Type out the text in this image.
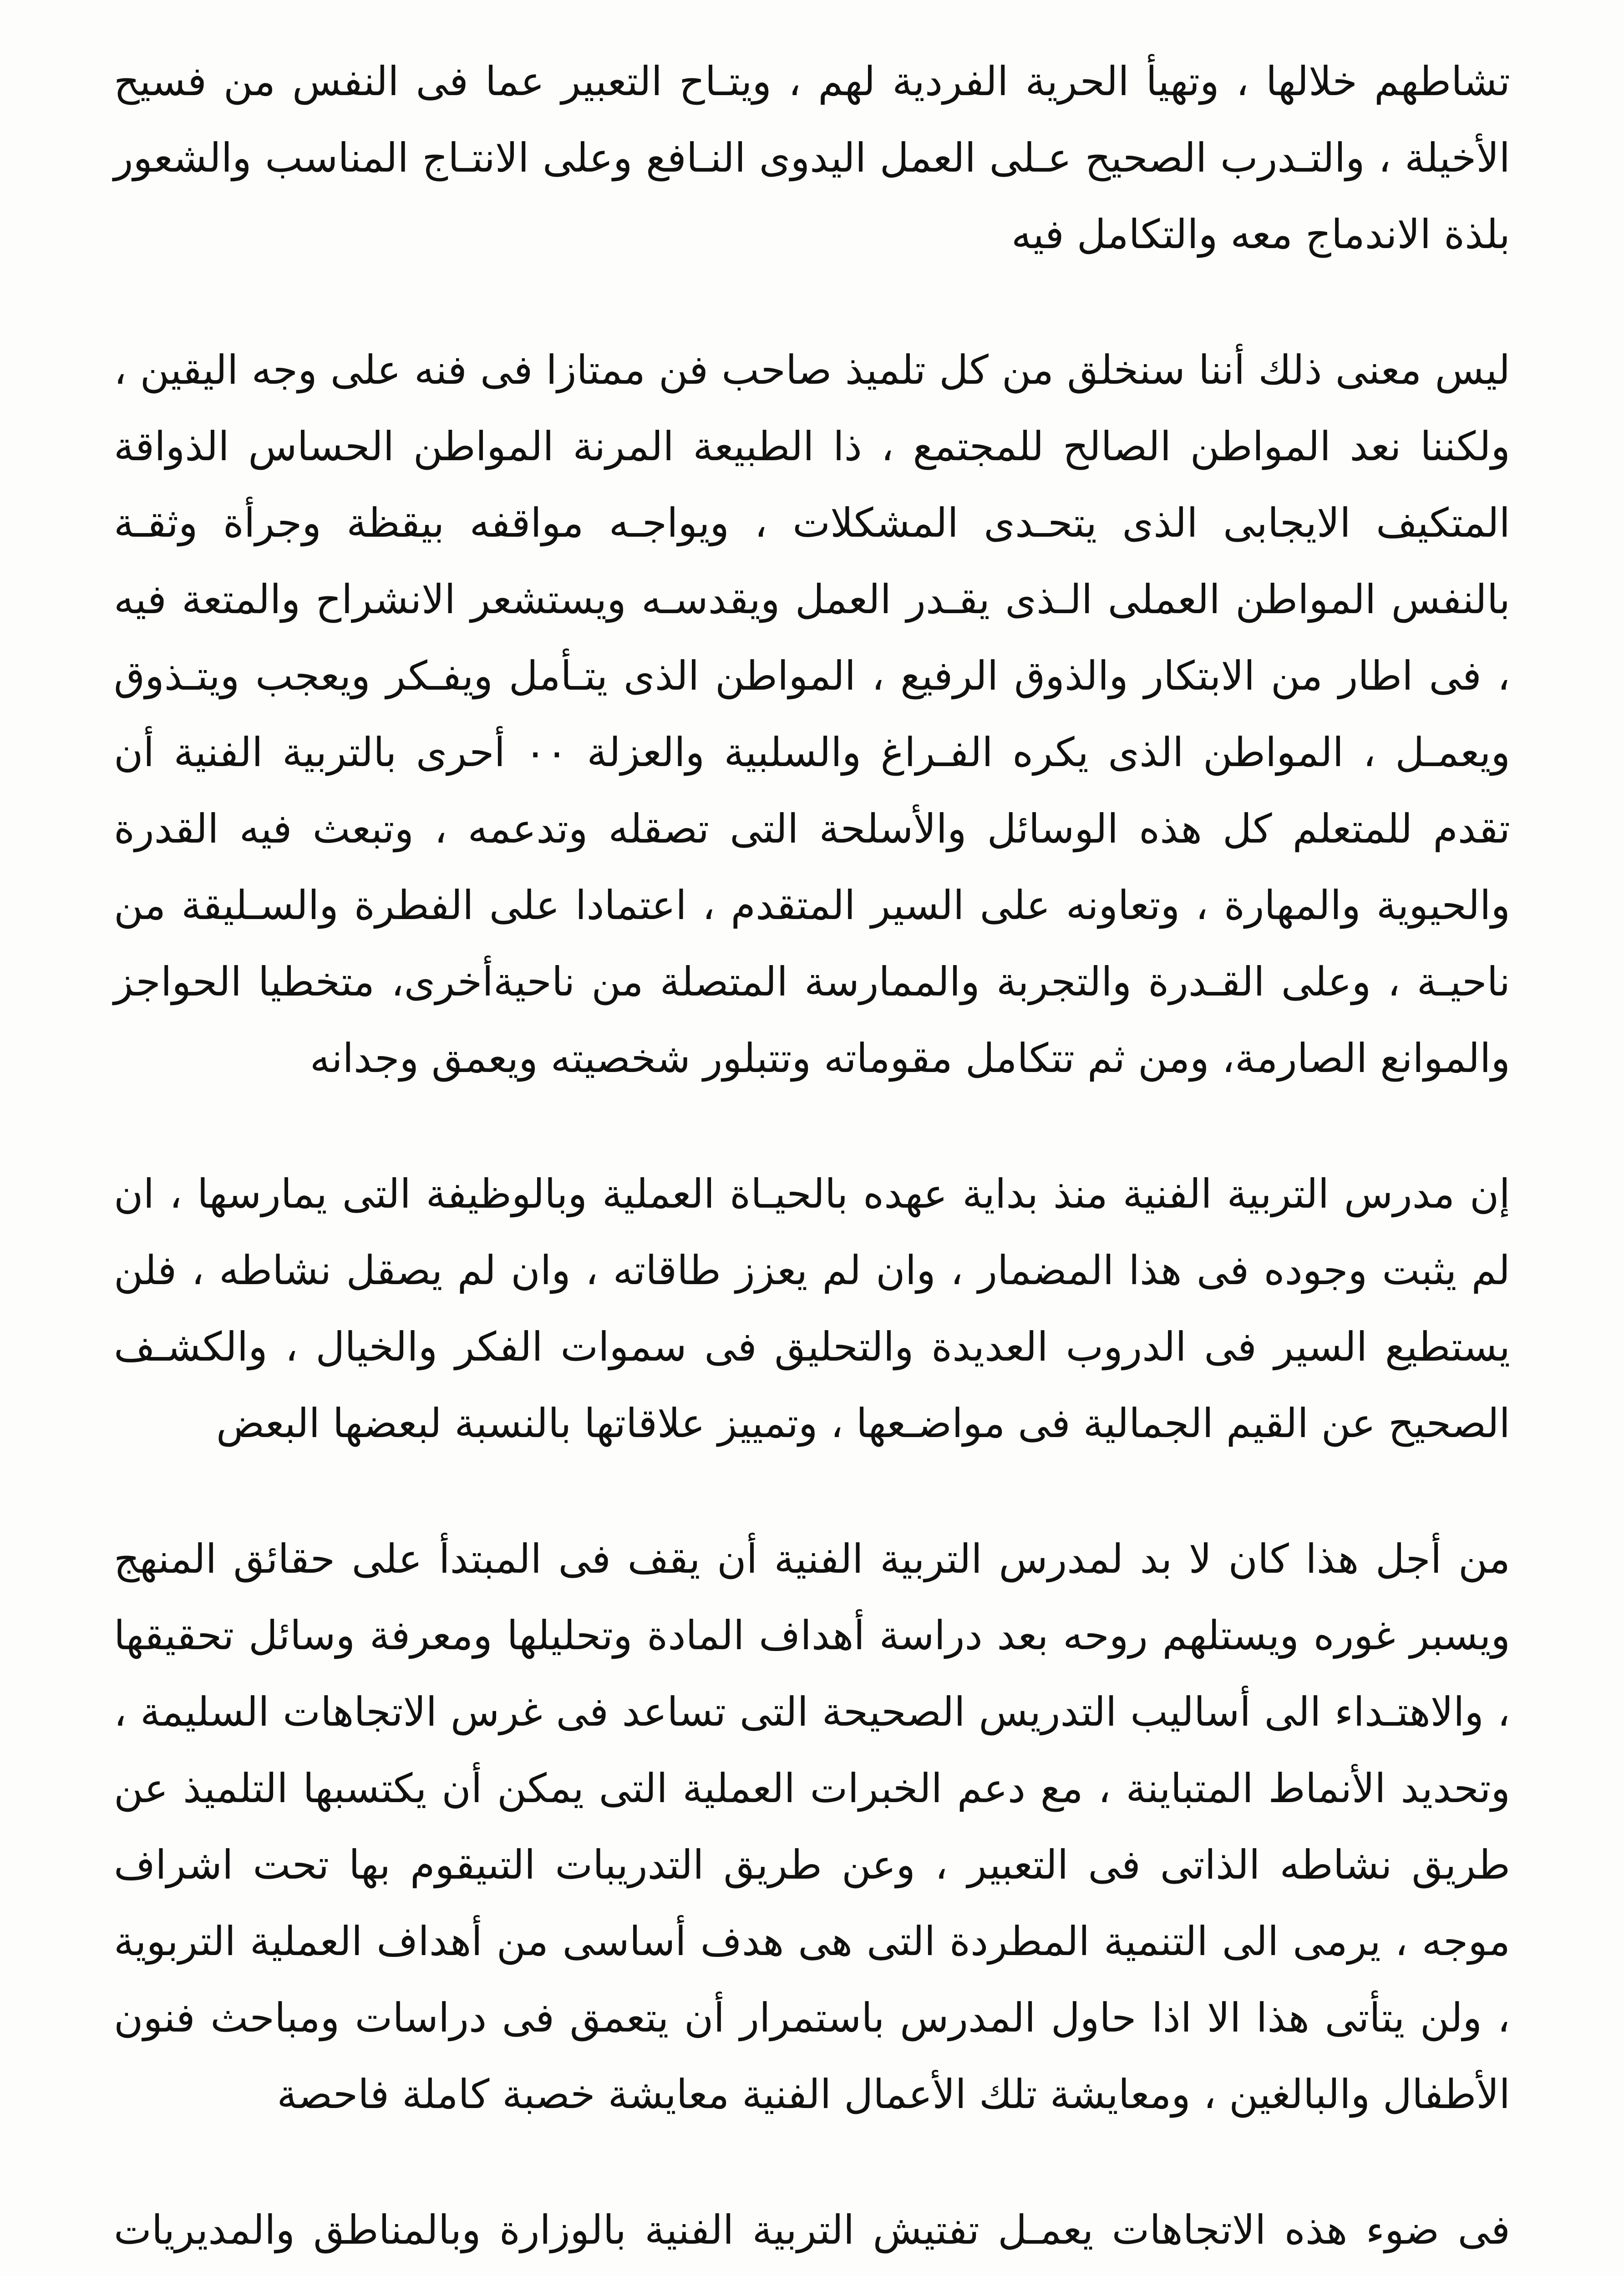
تشاطهم خلالها ، وتهيأ الحرية الفردية لهم ، ويتـاح التعبير عما فى النفس من فسيح الأخيلة ، والتـدرب الصحيح عـلى العمل اليدوى النـافع وعلى الانتـاج المناسب والشعور بلذة الاندماج معه والتكامل فيه

ليس معنى ذلك أننا سنخلق من كل تلميذ صاحب فن ممتازا فى فنه على وجه اليقين ، ولكننا نعد المواطن الصالح للمجتمع ، ذا الطبيعة المرنة المواطن الحساس الذواقة المتكيف الايجابى الذى يتحـدى المشكلات ، ويواجـه مواقفه بيقظة وجرأة وثقـة بالنفس المواطن العملى الـذى يقـدر العمل ويقدسـه ويستشعر الانشراح والمتعة فيه ، فى اطار من الابتكار والذوق الرفيع ، المواطن الذى يتـأمل ويفـكر ويعجب ويتـذوق ويعمـل ، المواطن الذى يكره الفـراغ والسلبية والعزلة ٠٠ أحرى بالتربية الفنية أن تقدم للمتعلم كل هذه الوسائل والأسلحة التى تصقله وتدعمه ، وتبعث فيه القدرة والحيوية والمهارة ، وتعاونه على السير المتقدم ، اعتمادا على الفطرة والسـليقة من ناحيـة ، وعلى القـدرة والتجربة والممارسة المتصلة من ناحيةأخرى، متخطيا الحواجز والموانع الصارمة، ومن ثم تتكامل مقوماته وتتبلور شخصيته ويعمق وجدانه

إن مدرس التربية الفنية منذ بداية عهده بالحيـاة العملية وبالوظيفة التى يمارسها ، ان لم يثبت وجوده فى هذا المضمار ، وان لم يعزز طاقاته ، وان لم يصقل نشاطه ، فلن يستطيع السير فى الدروب العديدة والتحليق فى سموات الفكر والخيال ، والكشـف الصحيح عن القيم الجمالية فى مواضـعها ، وتمييز علاقاتها بالنسبة لبعضها البعض

من أجل هذا كان لا بد لمدرس التربية الفنية أن يقف فى المبتدأ على حقائق المنهج ويسبر غوره ويستلهم روحه بعد دراسة أهداف المادة وتحليلها ومعرفة وسائل تحقيقها ، والاهتـداء الى أساليب التدريس الصحيحة التى تساعد فى غرس الاتجاهات السليمة ، وتحديد الأنماط المتباينة ، مع دعم الخبرات العملية التى يمكن أن يكتسبها التلميذ عن طريق نشاطه الذاتى فى التعبير ، وعن طريق التدريبات التىيقوم بها تحت اشراف موجه ، يرمى الى التنمية المطردة التى هى هدف أساسى من أهداف العملية التربوية ، ولن يتأتى هذا الا اذا حاول المدرس باستمرار أن يتعمق فى دراسات ومباحث فنون الأطفال والبالغين ، ومعايشة تلك الأعمال الفنية معايشة خصبة كاملة فاحصة

فى ضوء هذه الاتجاهات يعمـل تفتيش التربية الفنية بالوزارة وبالمناطق والمديريات
